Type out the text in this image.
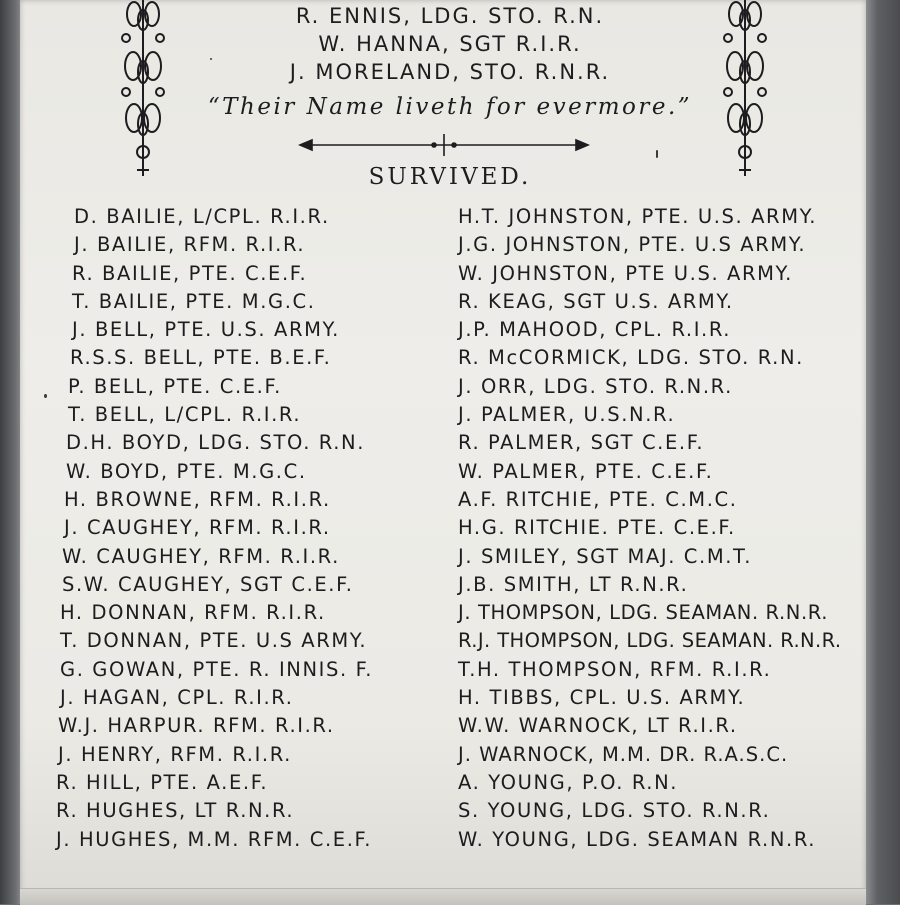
R. ENNIS, LDG. STO. R.N.
W. HANNA, SGT R.I.R.
J. MORELAND, STO. R.N.R.
“Their Name liveth for evermore.”
SURVIVED.
D. BAILIE, L/CPL. R.I.R.
J. BAILIE, RFM. R.I.R.
R. BAILIE, PTE. C.E.F.
T. BAILIE, PTE. M.G.C.
J. BELL, PTE. U.S. ARMY.
R.S.S. BELL, PTE. B.E.F.
P. BELL, PTE. C.E.F.
T. BELL, L/CPL. R.I.R.
D.H. BOYD, LDG. STO. R.N.
W. BOYD, PTE. M.G.C.
H. BROWNE, RFM. R.I.R.
J. CAUGHEY, RFM. R.I.R.
W. CAUGHEY, RFM. R.I.R.
S.W. CAUGHEY, SGT C.E.F.
H. DONNAN, RFM. R.I.R.
T. DONNAN, PTE. U.S ARMY.
G. GOWAN, PTE. R. INNIS. F.
J. HAGAN, CPL. R.I.R.
W.J. HARPUR. RFM. R.I.R.
J. HENRY, RFM. R.I.R.
R. HILL, PTE. A.E.F.
R. HUGHES, LT R.N.R.
J. HUGHES, M.M. RFM. C.E.F.
H.T. JOHNSTON, PTE. U.S. ARMY.
J.G. JOHNSTON, PTE. U.S ARMY.
W. JOHNSTON, PTE U.S. ARMY.
R. KEAG, SGT U.S. ARMY.
J.P. MAHOOD, CPL. R.I.R.
R. McCORMICK, LDG. STO. R.N.
J. ORR, LDG. STO. R.N.R.
J. PALMER, U.S.N.R.
R. PALMER, SGT C.E.F.
W. PALMER, PTE. C.E.F.
A.F. RITCHIE, PTE. C.M.C.
H.G. RITCHIE. PTE. C.E.F.
J. SMILEY, SGT MAJ. C.M.T.
J.B. SMITH, LT R.N.R.
J. THOMPSON, LDG. SEAMAN. R.N.R.
R.J. THOMPSON, LDG. SEAMAN. R.N.R.
T.H. THOMPSON, RFM. R.I.R.
H. TIBBS, CPL. U.S. ARMY.
W.W. WARNOCK, LT R.I.R.
J. WARNOCK, M.M. DR. R.A.S.C.
A. YOUNG, P.O. R.N.
S. YOUNG, LDG. STO. R.N.R.
W. YOUNG, LDG. SEAMAN R.N.R.
